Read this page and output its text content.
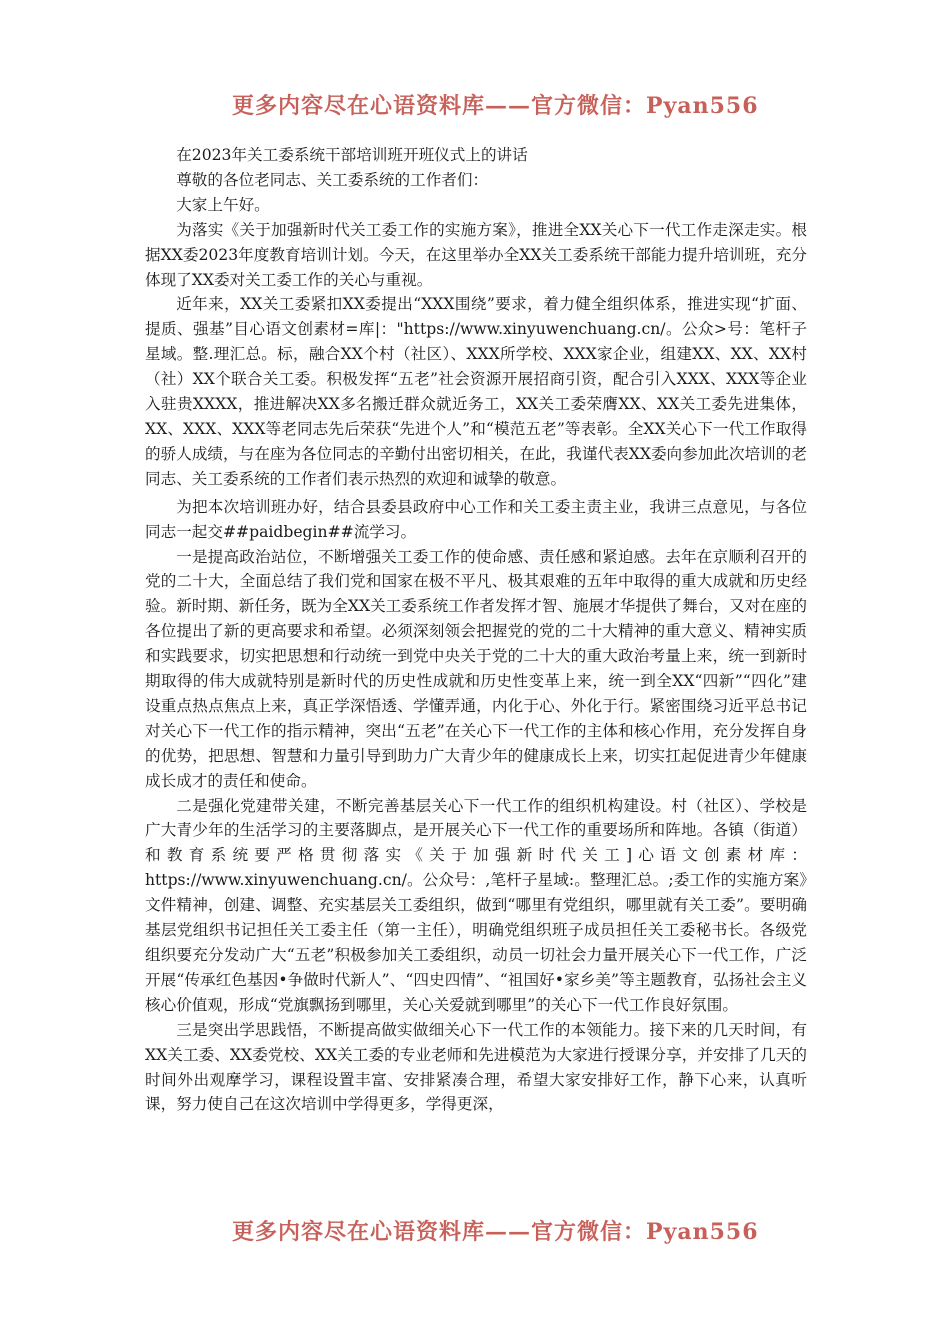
更多内容尽在心语资料库——官方微信：Pyan556

在2023年关工委系统干部培训班开班仪式上的讲话

尊敬的各位老同志、关工委系统的工作者们：

大家上午好。

为落实《关于加强新时代关工委工作的实施方案》，推进全XX关心下一代工作走深走实。根据XX委2023年度教育培训计划。今天，在这里举办全XX关工委系统干部能力提升培训班，充分体现了XX委对关工委工作的关心与重视。

近年来，XX关工委紧扣XX委提出“XXX围绕”要求，着力健全组织体系，推进实现“扩面、提质、强基”目心语文创素材=库|："https://www.xinyuwenchuang.cn/。公众>号：笔杆子星域。整.理汇总。标，融合XX个村（社区）、XXX所学校、XXX家企业，组建XX、XX、XX村（社）XX个联合关工委。积极发挥“五老”社会资源开展招商引资，配合引入XXX、XXX等企业入驻贵XXXX，推进解决XX多名搬迁群众就近务工，XX关工委荣膺XX、XX关工委先进集体，XX、XXX、XXX等老同志先后荣获“先进个人”和“模范五老”等表彰。全XX关心下一代工作取得的骄人成绩，与在座为各位同志的辛勤付出密切相关，在此，我谨代表XX委向参加此次培训的老同志、关工委系统的工作者们表示热烈的欢迎和诚挚的敬意。

为把本次培训班办好，结合县委县政府中心工作和关工委主责主业，我讲三点意见，与各位同志一起交##paidbegin##流学习。

一是提高政治站位，不断增强关工委工作的使命感、责任感和紧迫感。去年在京顺利召开的党的二十大，全面总结了我们党和国家在极不平凡、极其艰难的五年中取得的重大成就和历史经验。新时期、新任务，既为全XX关工委系统工作者发挥才智、施展才华提供了舞台，又对在座的各位提出了新的更高要求和希望。必须深刻领会把握党的党的二十大精神的重大意义、精神实质和实践要求，切实把思想和行动统一到党中央关于党的二十大的重大政治考量上来，统一到新时期取得的伟大成就特别是新时代的历史性成就和历史性变革上来，统一到全XX“四新”“四化”建设重点热点焦点上来，真正学深悟透、学懂弄通，内化于心、外化于行。紧密围绕习近平总书记对关心下一代工作的指示精神，突出“五老”在关心下一代工作的主体和核心作用，充分发挥自身的优势，把思想、智慧和力量引导到助力广大青少年的健康成长上来，切实扛起促进青少年健康成长成才的责任和使命。

二是强化党建带关建，不断完善基层关心下一代工作的组织机构建设。村（社区）、学校是广大青少年的生活学习的主要落脚点，是开展关心下一代工作的重要场所和阵地。各镇（街道）和教育系统要严格贯彻落实《关于加强新时代关工]心语文创素材库：https://www.xinyuwenchuang.cn/。公众号：,笔杆子星域:。整理汇总。;委工作的实施方案》文件精神，创建、调整、充实基层关工委组织，做到“哪里有党组织，哪里就有关工委”。要明确基层党组织书记担任关工委主任（第一主任），明确党组织班子成员担任关工委秘书长。各级党组织要充分发动广大“五老”积极参加关工委组织，动员一切社会力量开展关心下一代工作，广泛开展“传承红色基因•争做时代新人”、“四史四情”、“祖国好•家乡美”等主题教育，弘扬社会主义核心价值观，形成“党旗飘扬到哪里，关心关爱就到哪里”的关心下一代工作良好氛围。

三是突出学思践悟，不断提高做实做细关心下一代工作的本领能力。接下来的几天时间，有XX关工委、XX委党校、XX关工委的专业老师和先进模范为大家进行授课分享，并安排了几天的时间外出观摩学习，课程设置丰富、安排紧凑合理，希望大家安排好工作，静下心来，认真听课，努力使自己在这次培训中学得更多，学得更深，

更多内容尽在心语资料库——官方微信：Pyan556
